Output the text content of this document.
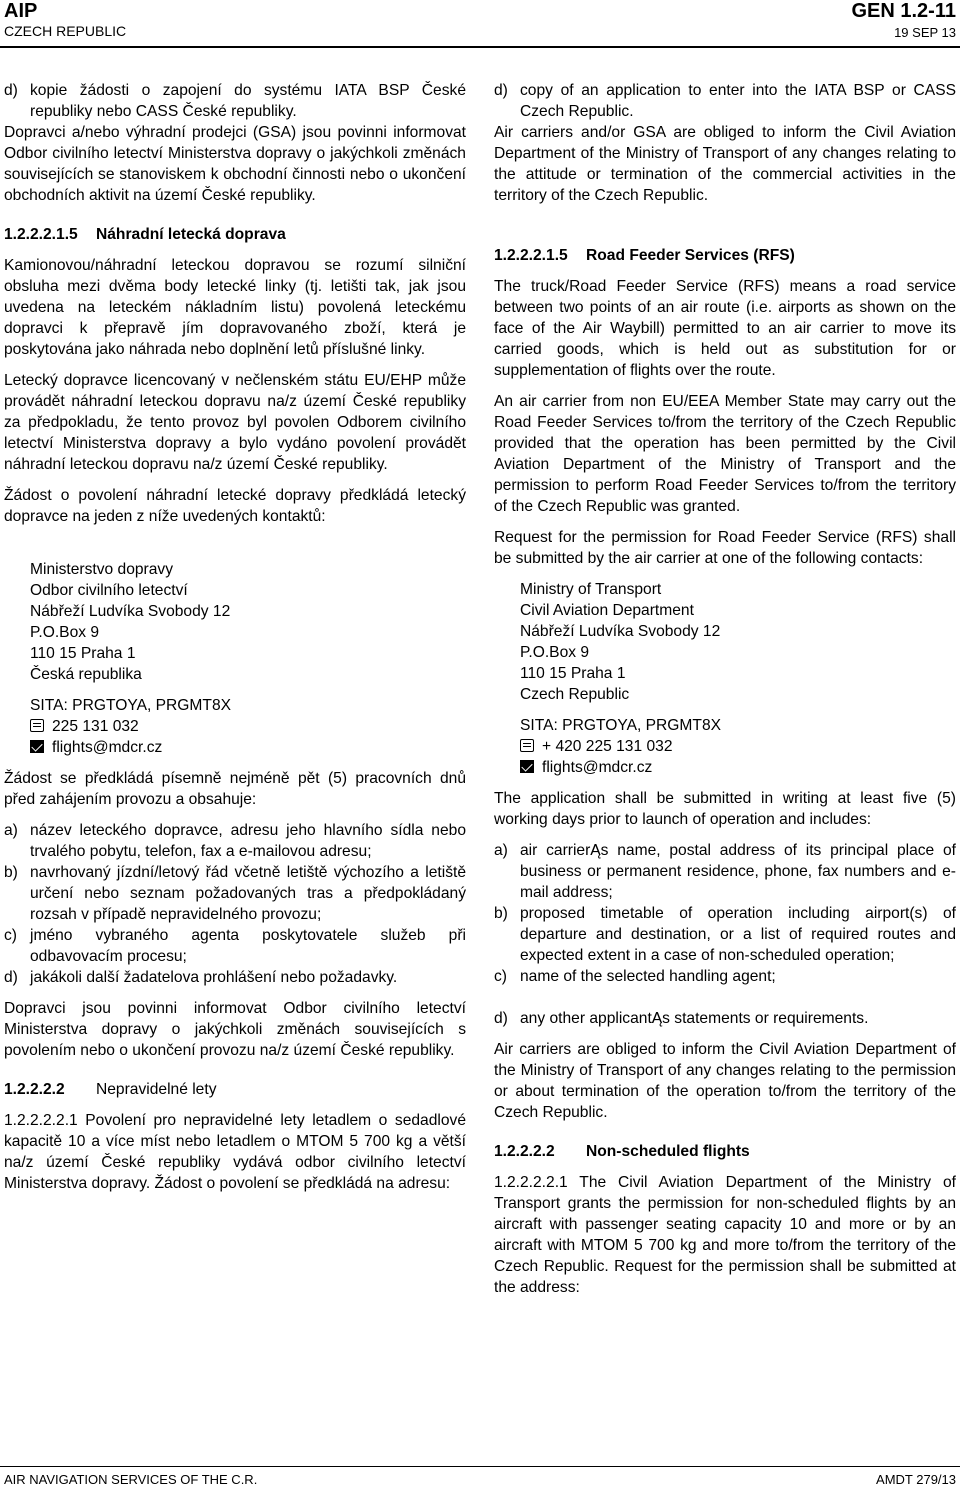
AIP
CZECH REPUBLIC
GEN 1.2-11
19 SEP 13
d) kopie žádosti o zapojení do systému IATA BSP České republiky nebo CASS České republiky.

Dopravci a/nebo výhradní prodejci (GSA) jsou povinni informovat Odbor civilního letectví Ministerstva dopravy o jakýchkoli změnách souvisejících se stanoviskem k obchodní činnosti nebo o ukončení obchodních aktivit na území České republiky.

1.2.2.2.1.5	Náhradní letecká doprava

Kamionovou/náhradní leteckou dopravou se rozumí silniční obsluha mezi dvěma body letecké linky (tj. letišti tak, jak jsou uvedena na leteckém nákladním listu) povolená leteckému dopravci k přepravě jím dopravovaného zboží, která je poskytována jako náhrada nebo doplnění letů příslušné linky.

Letecký dopravce licencovaný v nečlenském státu EU/EHP může provádět náhradní leteckou dopravu na/z území České republiky za předpokladu, že tento provoz byl povolen Odborem civilního letectví Ministerstva dopravy a bylo vydáno povolení provádět náhradní leteckou dopravu na/z území České republiky.

Žádost o povolení náhradní letecké dopravy předkládá letecký dopravce na jeden z níže uvedených kontaktů:

Ministerstvo dopravy
Odbor civilního letectví
Nábřeží Ludvíka Svobody 12
P.O.Box 9
110 15 Praha 1
Česká republika
SITA: PRGTOYA, PRGMT8X
225 131 032
flights@mdcr.cz

Žádost se předkládá písemně nejméně pět (5) pracovních dnů před zahájením provozu a obsahuje:

a) název leteckého dopravce, adresu jeho hlavního sídla nebo trvalého pobytu, telefon, fax a e-mailovou adresu;
b) navrhovaný jízdní/letový řád včetně letiště výchozího a letiště určení nebo seznam požadovaných tras a předpokládaný rozsah v případě nepravidelného provozu;
c) jméno vybraného agenta poskytovatele služeb při odbavovacím procesu;
d) jakákoli další žadatelova prohlášení nebo požadavky.

Dopravci jsou povinni informovat Odbor civilního letectví Ministerstva dopravy o jakýchkoli změnách souvisejících s povolením nebo o ukončení provozu na/z území České republiky.

1.2.2.2.2	Nepravidelné lety

1.2.2.2.2.1 Povolení pro nepravidelné lety letadlem o sedadlové kapacitě 10 a více míst nebo letadlem o MTOM 5 700 kg a větší na/z území České republiky vydává odbor civilního letectví Ministerstva dopravy. Žádost o povolení se předkládá na adresu:

d) copy of an application to enter into the IATA BSP or CASS Czech Republic.

Air carriers and/or GSA are obliged to inform the Civil Aviation Department of the Ministry of Transport of any changes relating to the attitude or termination of the commercial activities in the territory of the Czech Republic.

1.2.2.2.1.5	Road Feeder Services (RFS)

The truck/Road Feeder Service (RFS) means a road service between two points of an air route (i.e. airports as shown on the face of the Air Waybill) permitted to an air carrier to move its carried goods, which is held out as substitution for or supplementation of flights over the route.

An air carrier from non EU/EEA Member State may carry out the Road Feeder Services to/from the territory of the Czech Republic provided that the operation has been permitted by the Civil Aviation Department of the Ministry of Transport and the permission to perform Road Feeder Services to/from the territory of the Czech Republic was granted.

Request for the permission for Road Feeder Service (RFS) shall be submitted by the air carrier at one of the following contacts:

Ministry of Transport
Civil Aviation Department
Nábřeží Ludvíka Svobody 12
P.O.Box 9
110 15 Praha 1
Czech Republic
SITA: PRGTOYA, PRGMT8X
+ 420 225 131 032
flights@mdcr.cz

The application shall be submitted in writing at least five (5) working days prior to launch of operation and includes:

a) air carrierĄs name, postal address of its principal place of business or permanent residence, phone, fax numbers and e-mail address;
b) proposed timetable of operation including airport(s) of departure and destination, or a list of required routes and expected extent in a case of non-scheduled operation;
c) name of the selected handling agent;
d) any other applicantĄs statements or requirements.

Air carriers are obliged to inform the Civil Aviation Department of the Ministry of Transport of any changes relating to the permission or about termination of the operation to/from the territory of the Czech Republic.

1.2.2.2.2	Non-scheduled flights

1.2.2.2.2.1 The Civil Aviation Department of the Ministry of Transport grants the permission for non-scheduled flights by an aircraft with passenger seating capacity 10 and more or by an aircraft with MTOM 5 700 kg and more to/from the territory of the Czech Republic. Request for the permission shall be submitted at the address:

AIR NAVIGATION SERVICES OF THE C.R.	AMDT 279/13
